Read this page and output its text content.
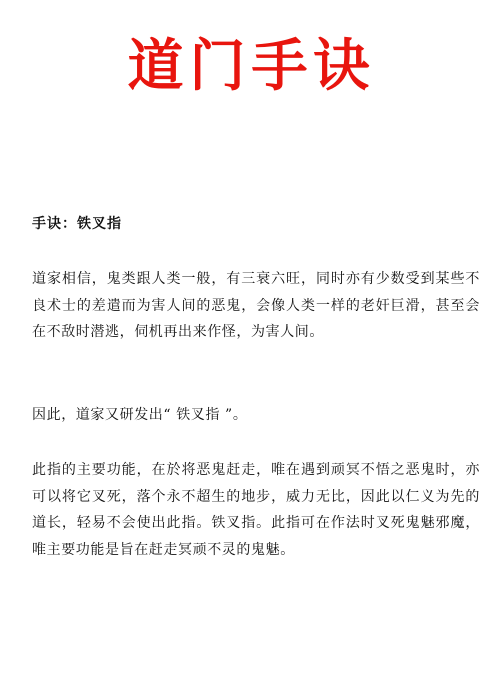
道门手诀
手诀：铁叉指

道家相信，鬼类跟人类一般，有三衰六旺，同时亦有少数受到某些不良术士的差遣而为害人间的恶鬼，会像人类一样的老奸巨滑，甚至会在不敌时潜逃，伺机再出来作怪，为害人间。

因此，道家又研发出“ 铁叉指 ”。

此指的主要功能，在於将恶鬼赶走，唯在遇到顽冥不悟之恶鬼时，亦可以将它叉死，落个永不超生的地步，威力无比，因此以仁义为先的道长，轻易不会使出此指。铁叉指。此指可在作法时叉死鬼魅邪魔，唯主要功能是旨在赶走冥顽不灵的鬼魅。
